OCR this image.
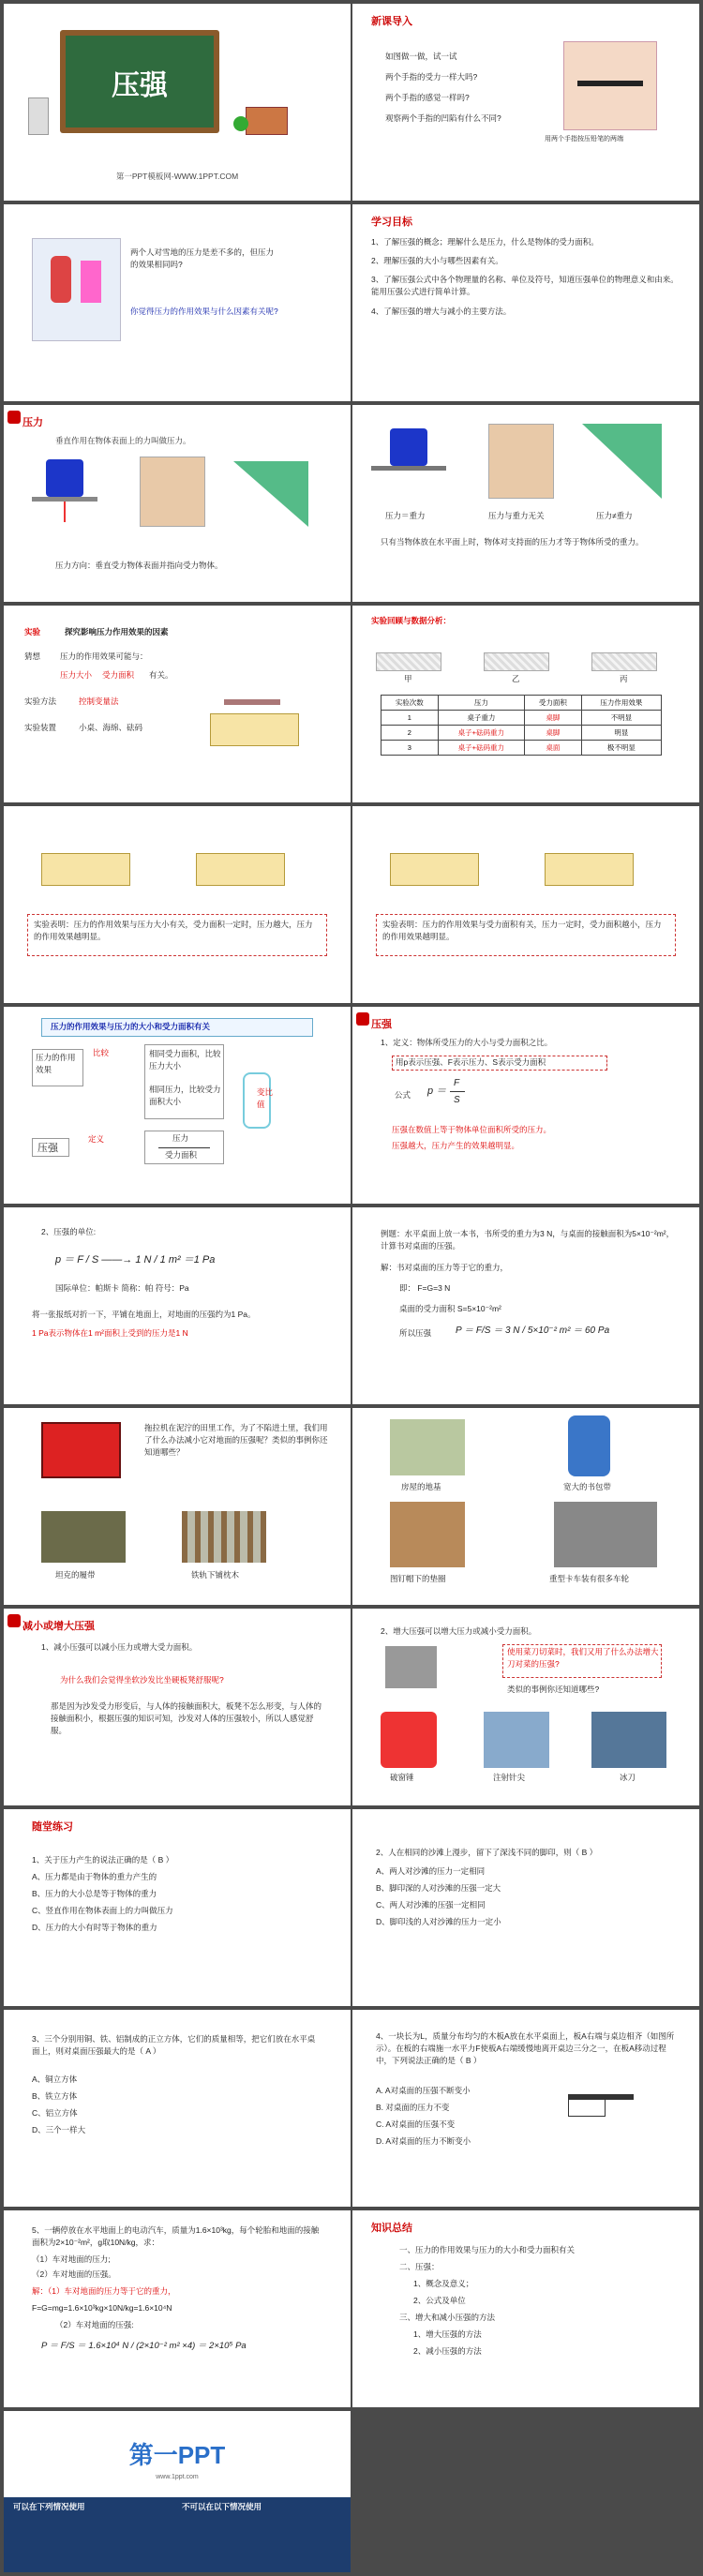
压强
第一PPT模板网-WWW.1PPT.COM
新课导入
如图做一做，试一试
两个手指的受力一样大吗?
两个手指的感觉一样吗?
观察两个手指的凹陷有什么不同?
用两个手指按压铅笔的两端
两个人对雪地的压力是差不多的，但压力的效果相同吗?
你觉得压力的作用效果与什么因素有关呢?
学习目标
1、了解压强的概念；理解什么是压力，什么是物体的受力面积。
2、理解压强的大小与哪些因素有关。
3、了解压强公式中各个物理量的名称、单位及符号，知道压强单位的物理意义和由来。能用压强公式进行简单计算。
4、了解压强的增大与减小的主要方法。
压力
垂直作用在物体表面上的力叫做压力。
压力方向：垂直受力物体表面并指向受力物体。
压力＝重力	压力与重力无关	压力≠重力
只有当物体放在水平面上时，物体对支持面的压力才等于物体所受的重力。
实验	探究影响压力作用效果的因素
猜想 压力的作用效果可能与：
压力大小 受力面积 有关。
实验方法	控制变量法
实验装置	小桌、海绵、砝码
实验回顾与数据分析：
甲	乙	丙
实验次数	压力	受力面积	压力作用效果
1	桌子重力	桌脚	不明显
2	桌子+砝码重力	桌脚	明显
3	桌子+砝码重力	桌面	极不明显
实验表明：压力的作用效果与压力大小有关，受力面积一定时，压力越大，压力的作用效果越明显。
实验表明：压力的作用效果与受力面积有关，压力一定时，受力面积越小，压力的作用效果越明显。
压力的作用效果与压力的大小和受力面积有关
压力的作用效果
比较	相同受力面积，比较压力大小
相同压力，比较受力面积大小
定义
压强
压力
受力面积
变比值
压强
1、定义：物体所受压力的大小与受力面积之比。
用p表示压强、F表示压力、S表示受力面积
公式 p ＝
F
S
压强在数值上等于物体单位面积所受的压力。
压强越大，压力产生的效果越明显。
2、压强的单位:
p ＝ F / S ——→ 1 N / 1 m² ＝1 Pa
国际单位：帕斯卡 简称：帕 符号：Pa
将一张报纸对折一下，平铺在地面上，对地面的压强约为1 Pa。
1 Pa表示物体在1 m²面积上受到的压力是1 N
例题：水平桌面上放一本书，书所受的重力为3 N，与桌面的接触面积为5×10⁻²m²，计算书对桌面的压强。
解：书对桌面的压力等于它的重力，
即： F=G=3 N
桌面的受力面积 S=5×10⁻²m²
所以压强	P ＝ F/S ＝ 3 N / 5×10⁻² m² ＝ 60 Pa
拖拉机在泥泞的田里工作，为了不陷进土里，我们用了什么办法减小它对地面的压强呢？类似的事例你还知道哪些？
坦克的履带	铁轨下铺枕木
房屋的地基	宽大的书包带
图钉帽下的垫圈	重型卡车装有很多车轮
减小或增大压强
1、减小压强可以减小压力或增大受力面积。
为什么我们会觉得坐软沙发比坐硬板凳舒服呢?
那是因为沙发受力形变后，与人体的接触面积大，板凳不怎么形变，与人体的接触面积小，根据压强的知识可知，沙发对人体的压强较小，所以人感觉舒服。
2、增大压强可以增大压力或减小受力面积。
使用菜刀切菜时，我们又用了什么办法增大刀对菜的压强?
类似的事例你还知道哪些?
破窗锤	注射针尖	冰刀
随堂练习
1、关于压力产生的说法正确的是（ B ）
A、压力都是由于物体的重力产生的
B、压力的大小总是等于物体的重力
C、竖直作用在物体表面上的力叫做压力
D、压力的大小有时等于物体的重力
2、人在相同的沙滩上漫步，留下了深浅不同的脚印，则（ B ）
A、两人对沙滩的压力一定相同
B、脚印深的人对沙滩的压强一定大
C、两人对沙滩的压强一定相同
D、脚印浅的人对沙滩的压力一定小
3、三个分别用铜、铁、铝制成的正立方体，它们的质量相等，把它们放在水平桌面上，则对桌面压强最大的是（ A ）
A、铜立方体
B、铁立方体
C、铝立方体
D、三个一样大
4、一块长为L，质量分布均匀的木板A放在水平桌面上，板A右端与桌边相齐（如图所示）。在板的右端施一水平力F使板A右端缓慢地离开桌边三分之一，在板A移动过程中，下列说法正确的是（ B ）
A. A对桌面的压强不断变小
B. 对桌面的压力不变
C. A对桌面的压强不变
D. A对桌面的压力不断变小
5、一辆停放在水平地面上的电动汽车，质量为1.6×10³kg，每个轮胎和地面的接触面积为2×10⁻²m²，g取10N/kg，求：
（1）车对地面的压力;
（2）车对地面的压强。
解：（1）车对地面的压力等于它的重力，
F=G=mg=1.6×10³kg×10N/kg=1.6×10⁴N
（2）车对地面的压强:
P ＝ F/S ＝ 1.6×10⁴ N / (2×10⁻² m² ×4) ＝ 2×10⁵ Pa
知识总结
一、压力的作用效果与压力的大小和受力面积有关
二、压强：
1、概念及意义；
2、公式及单位
三、增大和减小压强的方法
1、增大压强的方法
2、减小压强的方法
第一PPT
www.1ppt.com
可以在下列情况使用	不可以在以下情况使用
